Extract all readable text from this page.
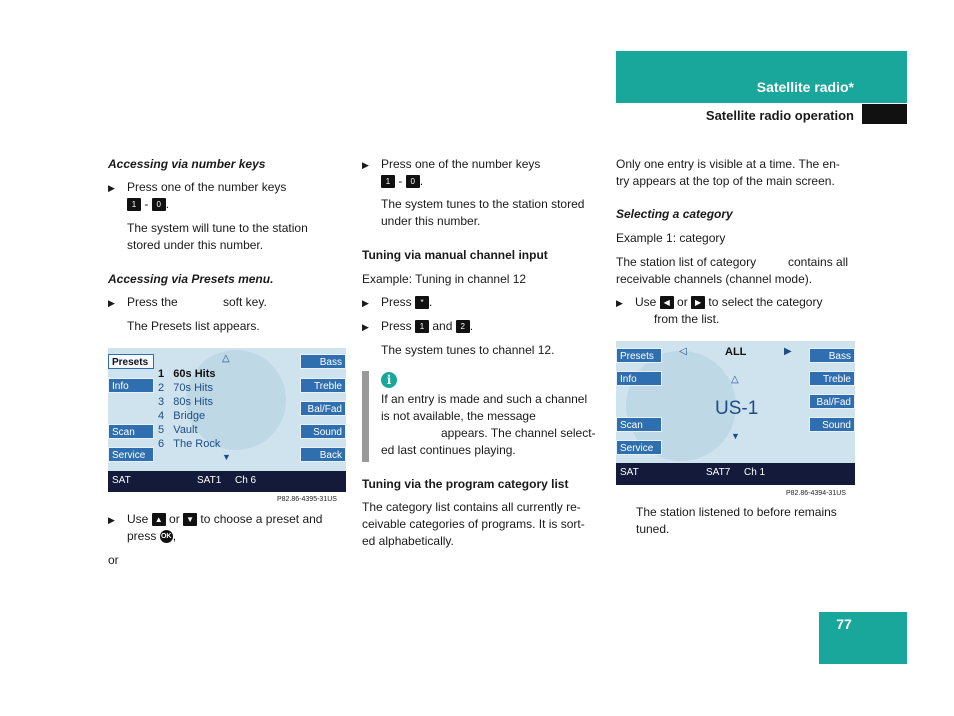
Satellite radio*
Satellite radio operation
Accessing via number keys
▶ Press one of the number keys
1 - 0 .
The system will tune to the station
stored under this number.
Accessing via Presets menu.
▶ Press the	soft key.
The Presets list appears.
Presets
Info
Scan
Service
Bass
Treble
Bal/Fad
Sound
Back
△
1 60s Hits
2 70s Hits
3 80s Hits
4 Bridge
5 Vault
6 The Rock
▼
SAT	SAT1 Ch 6
P82.86-4395-31US
▶ Use ▲ or ▼ to choose a preset and
press OK,
or
▶ Press one of the number keys
1 - 0 .
The system tunes to the station stored
under this number.
Tuning via manual channel input
Example: Tuning in channel 12
▶ Press * .
▶ Press 1 and 2 .
The system tunes to channel 12.
i
If an entry is made and such a channel
is not available, the message
appears. The channel select-
ed last continues playing.
Tuning via the program category list
The category list contains all currently re-
ceivable categories of programs. It is sort-
ed alphabetically.
Only one entry is visible at a time. The en-
try appears at the top of the main screen.
Selecting a category
Example 1: category
The station list of category	contains all
receivable channels (channel mode).
▶ Use ◀ or ▶ to select the category
from the list.
Presets
Info
Scan
Service
Bass
Treble
Bal/Fad
Sound
◁	ALL	▶
△
US-1
▼
SAT	SAT7 Ch 1
P82.86-4394-31US
The station listened to before remains
tuned.
77
